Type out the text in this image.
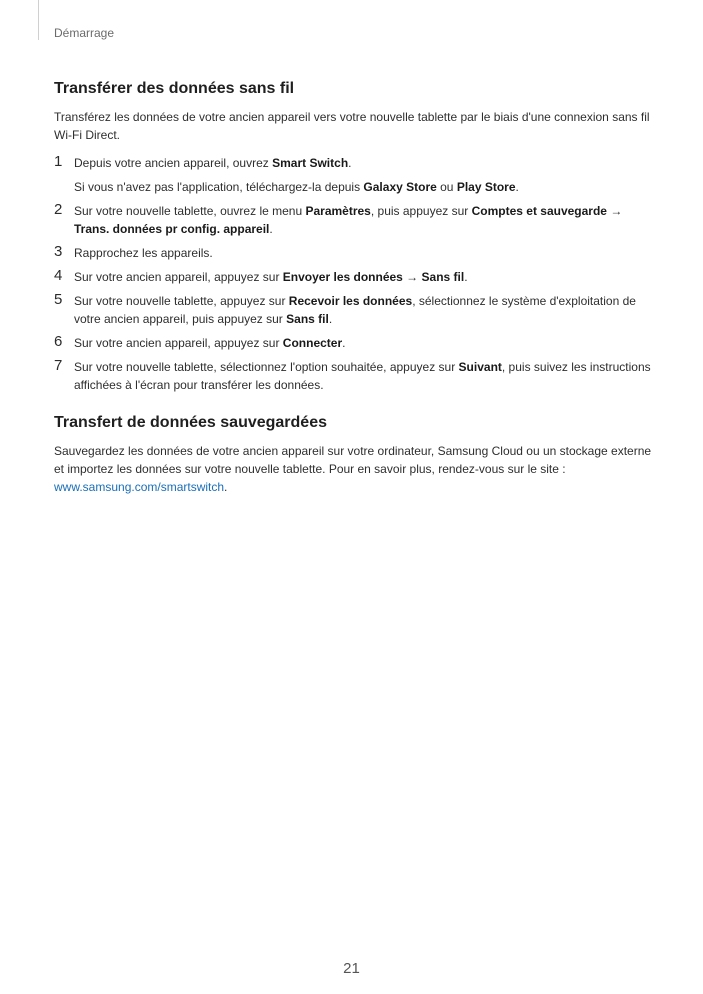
Démarrage
Transférer des données sans fil

Transférez les données de votre ancien appareil vers votre nouvelle tablette par le biais d'une connexion sans fil Wi-Fi Direct.

1 Depuis votre ancien appareil, ouvrez Smart Switch.
Si vous n'avez pas l'application, téléchargez-la depuis Galaxy Store ou Play Store.
2 Sur votre nouvelle tablette, ouvrez le menu Paramètres, puis appuyez sur Comptes et sauvegarde → Trans. données pr config. appareil.
3 Rapprochez les appareils.
4 Sur votre ancien appareil, appuyez sur Envoyer les données → Sans fil.
5 Sur votre nouvelle tablette, appuyez sur Recevoir les données, sélectionnez le système d'exploitation de votre ancien appareil, puis appuyez sur Sans fil.
6 Sur votre ancien appareil, appuyez sur Connecter.
7 Sur votre nouvelle tablette, sélectionnez l'option souhaitée, appuyez sur Suivant, puis suivez les instructions affichées à l'écran pour transférer les données.
Transfert de données sauvegardées

Sauvegardez les données de votre ancien appareil sur votre ordinateur, Samsung Cloud ou un stockage externe et importez les données sur votre nouvelle tablette. Pour en savoir plus, rendez-vous sur le site : www.samsung.com/smartswitch.

21
